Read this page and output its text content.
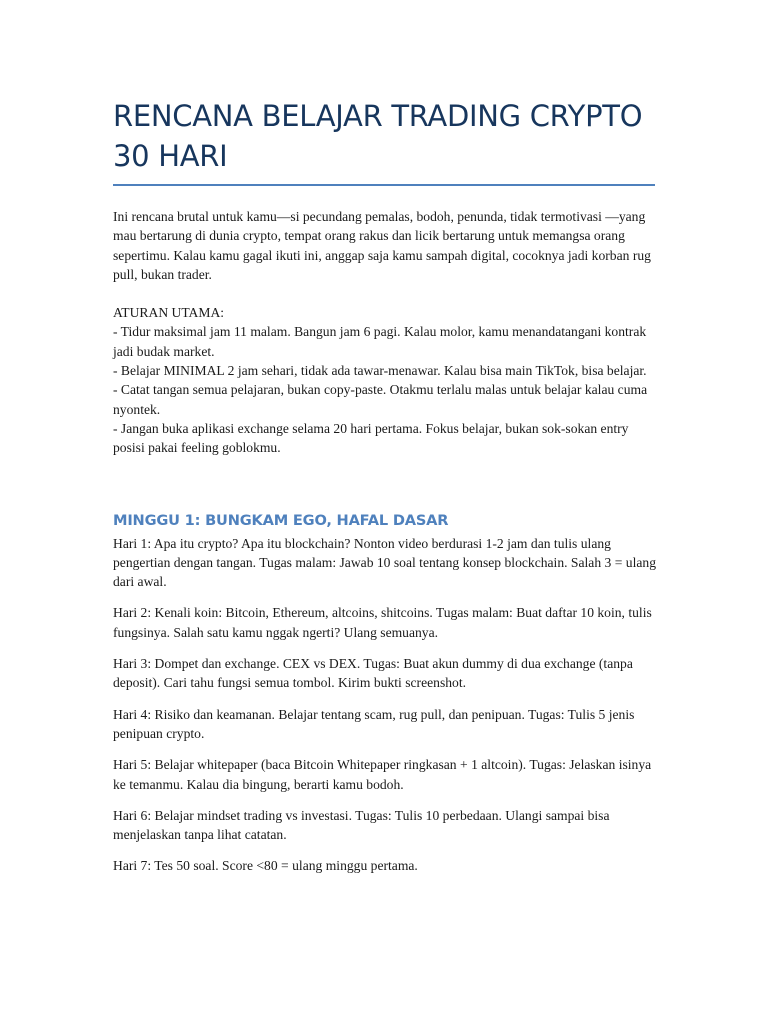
RENCANA BELAJAR TRADING CRYPTO
30 HARI

Ini rencana brutal untuk kamu—si pecundang pemalas, bodoh, penunda, tidak termotivasi —yang mau bertarung di dunia crypto, tempat orang rakus dan licik bertarung untuk memangsa orang sepertimu. Kalau kamu gagal ikuti ini, anggap saja kamu sampah digital, cocoknya jadi korban rug pull, bukan trader.

ATURAN UTAMA:
- Tidur maksimal jam 11 malam. Bangun jam 6 pagi. Kalau molor, kamu menandatangani kontrak jadi budak market.
- Belajar MINIMAL 2 jam sehari, tidak ada tawar-menawar. Kalau bisa main TikTok, bisa belajar.
- Catat tangan semua pelajaran, bukan copy-paste. Otakmu terlalu malas untuk belajar kalau cuma nyontek.
- Jangan buka aplikasi exchange selama 20 hari pertama. Fokus belajar, bukan sok-sokan entry posisi pakai feeling goblokmu.

MINGGU 1: BUNGKAM EGO, HAFAL DASAR

Hari 1: Apa itu crypto? Apa itu blockchain? Nonton video berdurasi 1-2 jam dan tulis ulang pengertian dengan tangan. Tugas malam: Jawab 10 soal tentang konsep blockchain. Salah 3 = ulang dari awal.

Hari 2: Kenali koin: Bitcoin, Ethereum, altcoins, shitcoins. Tugas malam: Buat daftar 10 koin, tulis fungsinya. Salah satu kamu nggak ngerti? Ulang semuanya.

Hari 3: Dompet dan exchange. CEX vs DEX. Tugas: Buat akun dummy di dua exchange (tanpa deposit). Cari tahu fungsi semua tombol. Kirim bukti screenshot.

Hari 4: Risiko dan keamanan. Belajar tentang scam, rug pull, dan penipuan. Tugas: Tulis 5 jenis penipuan crypto.

Hari 5: Belajar whitepaper (baca Bitcoin Whitepaper ringkasan + 1 altcoin). Tugas: Jelaskan isinya ke temanmu. Kalau dia bingung, berarti kamu bodoh.

Hari 6: Belajar mindset trading vs investasi. Tugas: Tulis 10 perbedaan. Ulangi sampai bisa menjelaskan tanpa lihat catatan.

Hari 7: Tes 50 soal. Score <80 = ulang minggu pertama.
